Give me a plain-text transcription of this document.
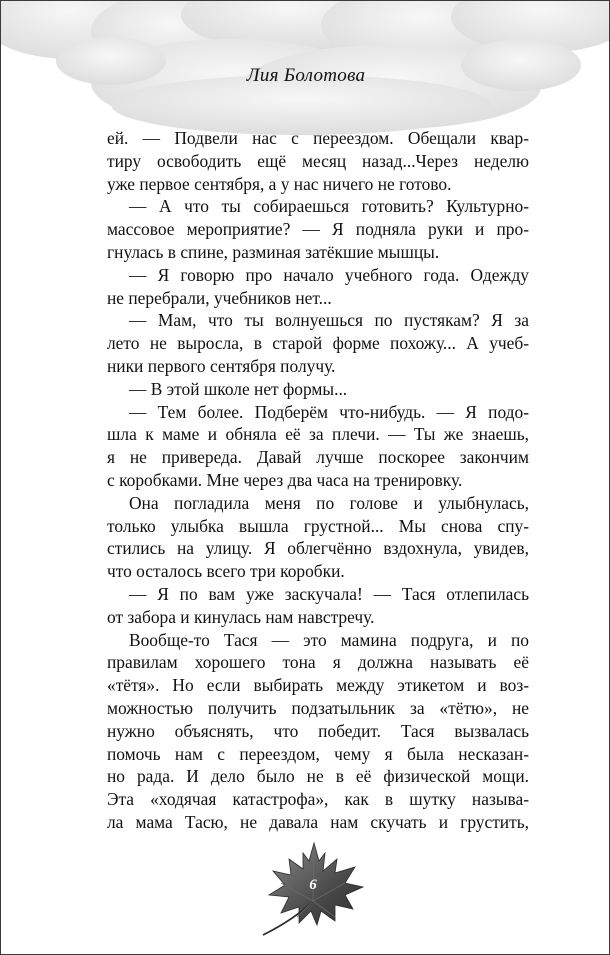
Лия Болотова
ей. — Подвели нас с переездом. Обещали квар-
тиру освободить ещё месяц назад...Через неделю
уже первое сентября, а у нас ничего не готово.
— А что ты собираешься готовить? Культурно-
массовое мероприятие? — Я подняла руки и про-
гнулась в спине, разминая затёкшие мышцы.
— Я говорю про начало учебного года. Одежду
не перебрали, учебников нет...
— Мам, что ты волнуешься по пустякам? Я за
лето не выросла, в старой форме похожу... А учеб-
ники первого сентября получу.
— В этой школе нет формы...
— Тем более. Подберём что-нибудь. — Я подо-
шла к маме и обняла её за плечи. — Ты же знаешь,
я не привереда. Давай лучше поскорее закончим
с коробками. Мне через два часа на тренировку.
Она погладила меня по голове и улыбнулась,
только улыбка вышла грустной... Мы снова спу-
стились на улицу. Я облегчённо вздохнула, увидев,
что осталось всего три коробки.
— Я по вам уже заскучала! — Тася отлепилась
от забора и кинулась нам навстречу.
Вообще-то Тася — это мамина подруга, и по
правилам хорошего тона я должна называть её
«тётя». Но если выбирать между этикетом и воз-
можностью получить подзатыльник за «тётю», не
нужно объяснять, что победит. Тася вызвалась
помочь нам с переездом, чему я была несказан-
но рада. И дело было не в её физической мощи.
Эта «ходячая катастрофа», как в шутку называ-
ла мама Тасю, не давала нам скучать и грустить,
6
